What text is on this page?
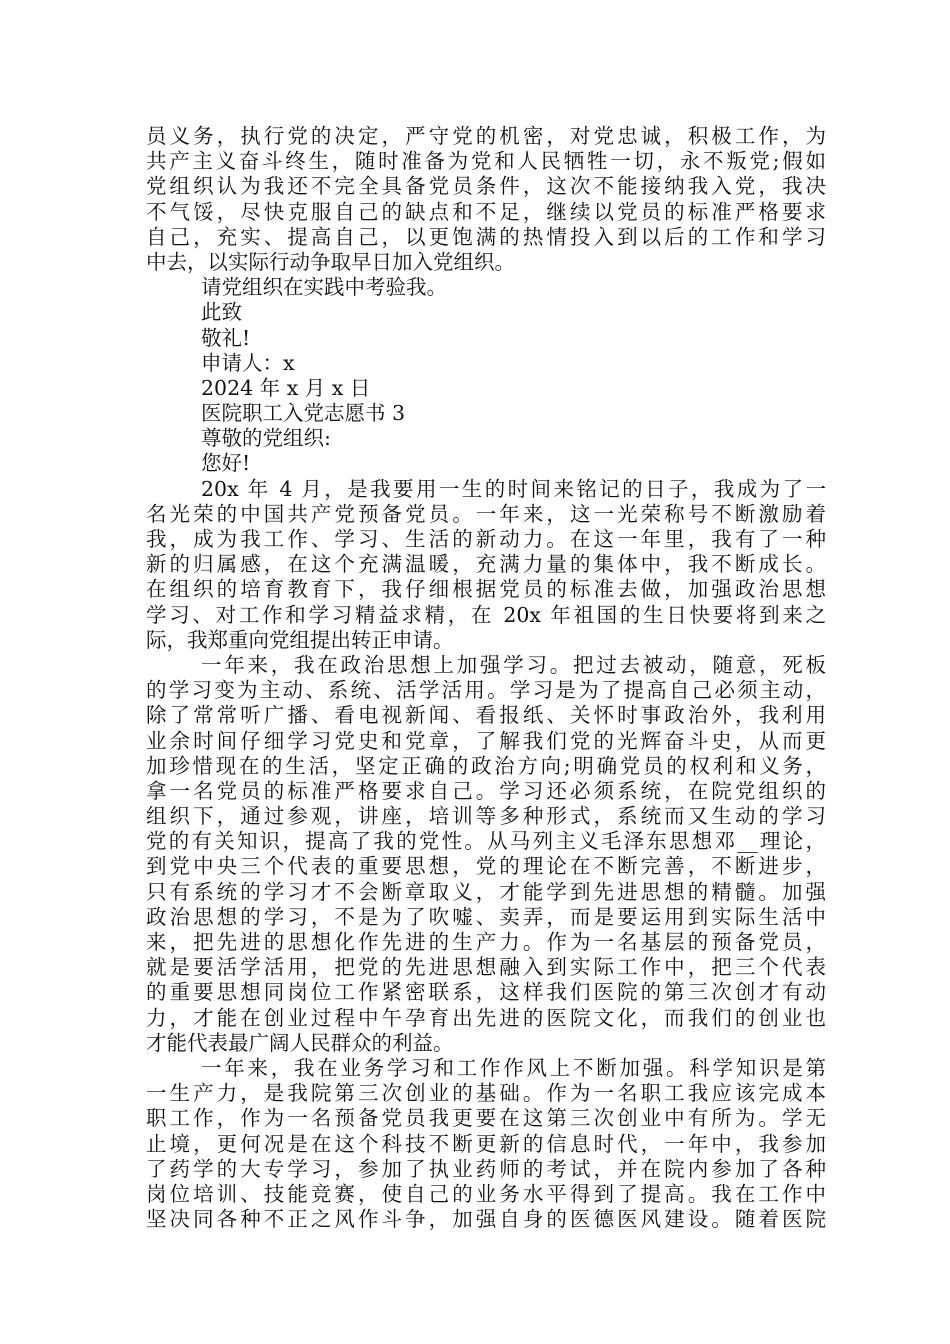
员义务，执行党的决定，严守党的机密，对党忠诚，积极工作，为
共产主义奋斗终生，随时准备为党和人民牺牲一切，永不叛党;假如
党组织认为我还不完全具备党员条件，这次不能接纳我入党，我决
不气馁，尽快克服自己的缺点和不足，继续以党员的标准严格要求
自己，充实、提高自己，以更饱满的热情投入到以后的工作和学习
中去，以实际行动争取早日加入党组织。
请党组织在实践中考验我。
此致
敬礼!
申请人：x
2024 年 x 月 x 日
医院职工入党志愿书 3
尊敬的党组织:
您好!
20x 年 4 月，是我要用一生的时间来铭记的日子，我成为了一
名光荣的中国共产党预备党员。一年来，这一光荣称号不断激励着
我，成为我工作、学习、生活的新动力。在这一年里，我有了一种
新的归属感，在这个充满温暖，充满力量的集体中，我不断成长。
在组织的培育教育下，我仔细根据党员的标准去做，加强政治思想
学习、对工作和学习精益求精，在 20x 年祖国的生日快要将到来之
际，我郑重向党组提出转正申请。
一年来，我在政治思想上加强学习。把过去被动，随意，死板
的学习变为主动、系统、活学活用。学习是为了提高自己必须主动，
除了常常听广播、看电视新闻、看报纸、关怀时事政治外，我利用
业余时间仔细学习党史和党章，了解我们党的光辉奋斗史，从而更
加珍惜现在的生活，坚定正确的政治方向;明确党员的权利和义务，
拿一名党员的标准严格要求自己。学习还必须系统，在院党组织的
组织下，通过参观，讲座，培训等多种形式，系统而又生动的学习
党的有关知识，提高了我的党性。从马列主义毛泽东思想邓__理论，
到党中央三个代表的重要思想，党的理论在不断完善，不断进步，
只有系统的学习才不会断章取义，才能学到先进思想的精髓。加强
政治思想的学习，不是为了吹嘘、卖弄，而是要运用到实际生活中
来，把先进的思想化作先进的生产力。作为一名基层的预备党员，
就是要活学活用，把党的先进思想融入到实际工作中，把三个代表
的重要思想同岗位工作紧密联系，这样我们医院的第三次创才有动
力，才能在创业过程中午孕育出先进的医院文化，而我们的创业也
才能代表最广阔人民群众的利益。
一年来，我在业务学习和工作作风上不断加强。科学知识是第
一生产力，是我院第三次创业的基础。作为一名职工我应该完成本
职工作，作为一名预备党员我更要在这第三次创业中有所为。学无
止境，更何况是在这个科技不断更新的信息时代，一年中，我参加
了药学的大专学习，参加了执业药师的考试，并在院内参加了各种
岗位培训、技能竞赛，使自己的业务水平得到了提高。我在工作中
坚决同各种不正之风作斗争，加强自身的医德医风建设。随着医院
